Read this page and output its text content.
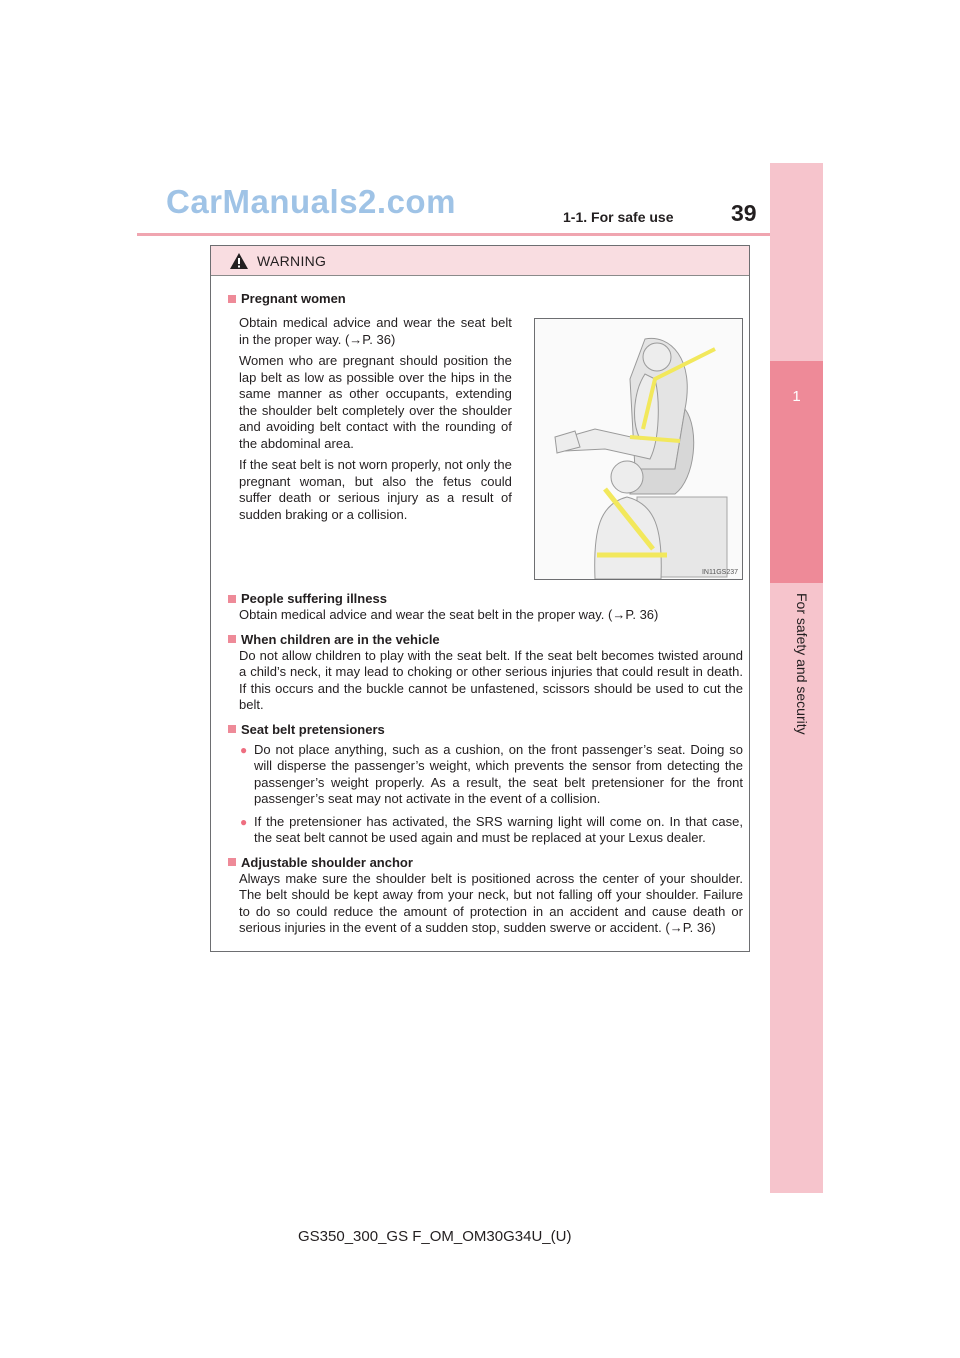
CarManuals2.com	1-1. For safe use	39
1
For safety and security
WARNING

Pregnant women

Obtain medical advice and wear the seat belt in the proper way. (→P. 36)

Women who are pregnant should position the lap belt as low as possible over the hips in the same manner as other occupants, extending the shoulder belt completely over the shoulder and avoiding belt contact with the rounding of the abdominal area.

If the seat belt is not worn properly, not only the pregnant woman, but also the fetus could suffer death or serious injury as a result of sudden braking or a collision.

IN11GS237

People suffering illness

Obtain medical advice and wear the seat belt in the proper way. (→P. 36)

When children are in the vehicle

Do not allow children to play with the seat belt. If the seat belt becomes twisted around a child’s neck, it may lead to choking or other serious injuries that could result in death. If this occurs and the buckle cannot be unfastened, scissors should be used to cut the belt.

Seat belt pretensioners

● Do not place anything, such as a cushion, on the front passenger’s seat. Doing so will disperse the passenger’s weight, which prevents the sensor from detecting the passenger’s weight properly. As a result, the seat belt pretensioner for the front passenger’s seat may not activate in the event of a collision.
● If the pretensioner has activated, the SRS warning light will come on. In that case, the seat belt cannot be used again and must be replaced at your Lexus dealer.

Adjustable shoulder anchor

Always make sure the shoulder belt is positioned across the center of your shoulder. The belt should be kept away from your neck, but not falling off your shoulder. Failure to do so could reduce the amount of protection in an accident and cause death or serious injuries in the event of a sudden stop, sudden swerve or accident. (→P. 36)

GS350_300_GS F_OM_OM30G34U_(U)
